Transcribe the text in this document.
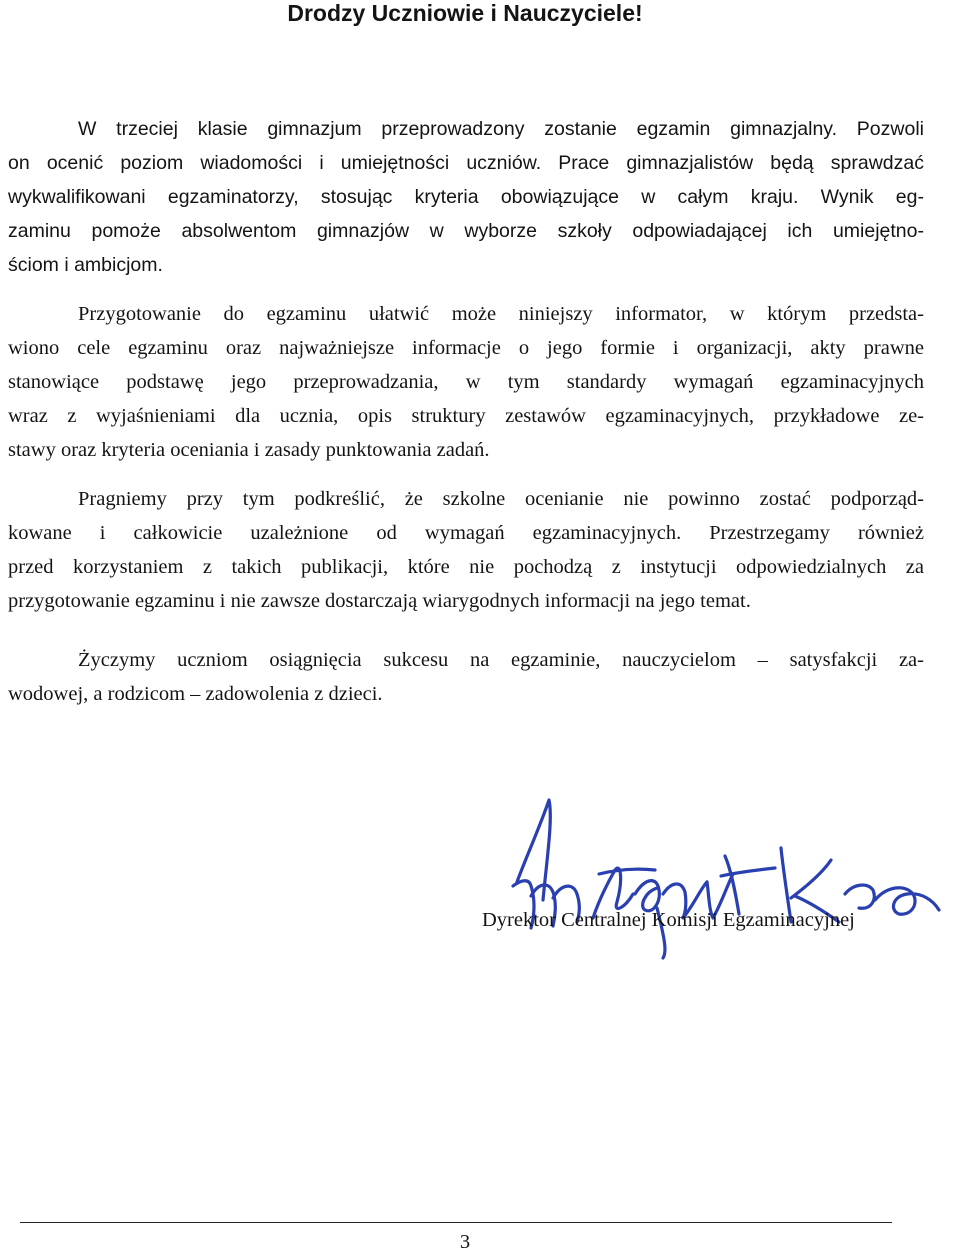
Drodzy Uczniowie i Nauczyciele!
W trzeciej klasie gimnazjum przeprowadzony zostanie egzamin gimnazjalny. Pozwoli
on ocenić poziom wiadomości i umiejętności uczniów. Prace gimnazjalistów będą sprawdzać
wykwalifikowani egzaminatorzy, stosując kryteria obowiązujące w całym kraju. Wynik eg-
zaminu pomoże absolwentom gimnazjów w wyborze szkoły odpowiadającej ich umiejętno-
ściom i ambicjom.
Przygotowanie do egzaminu ułatwić może niniejszy informator, w którym przedsta-
wiono cele egzaminu oraz najważniejsze informacje o jego formie i organizacji, akty prawne
stanowiące podstawę jego przeprowadzania, w tym standardy wymagań egzaminacyjnych
wraz z wyjaśnieniami dla ucznia, opis struktury zestawów egzaminacyjnych, przykładowe ze-
stawy oraz kryteria oceniania i zasady punktowania zadań.
Pragniemy przy tym podkreślić, że szkolne ocenianie nie powinno zostać podporząd-
kowane i całkowicie uzależnione od wymagań egzaminacyjnych. Przestrzegamy również
przed korzystaniem z takich publikacji, które nie pochodzą z instytucji odpowiedzialnych za
przygotowanie egzaminu i nie zawsze dostarczają wiarygodnych informacji na jego temat.
Życzymy uczniom osiągnięcia sukcesu na egzaminie, nauczycielom – satysfakcji za-
wodowej, a rodzicom – zadowolenia z dzieci.
Dyrektor Centralnej Komisji Egzaminacyjnej
3
